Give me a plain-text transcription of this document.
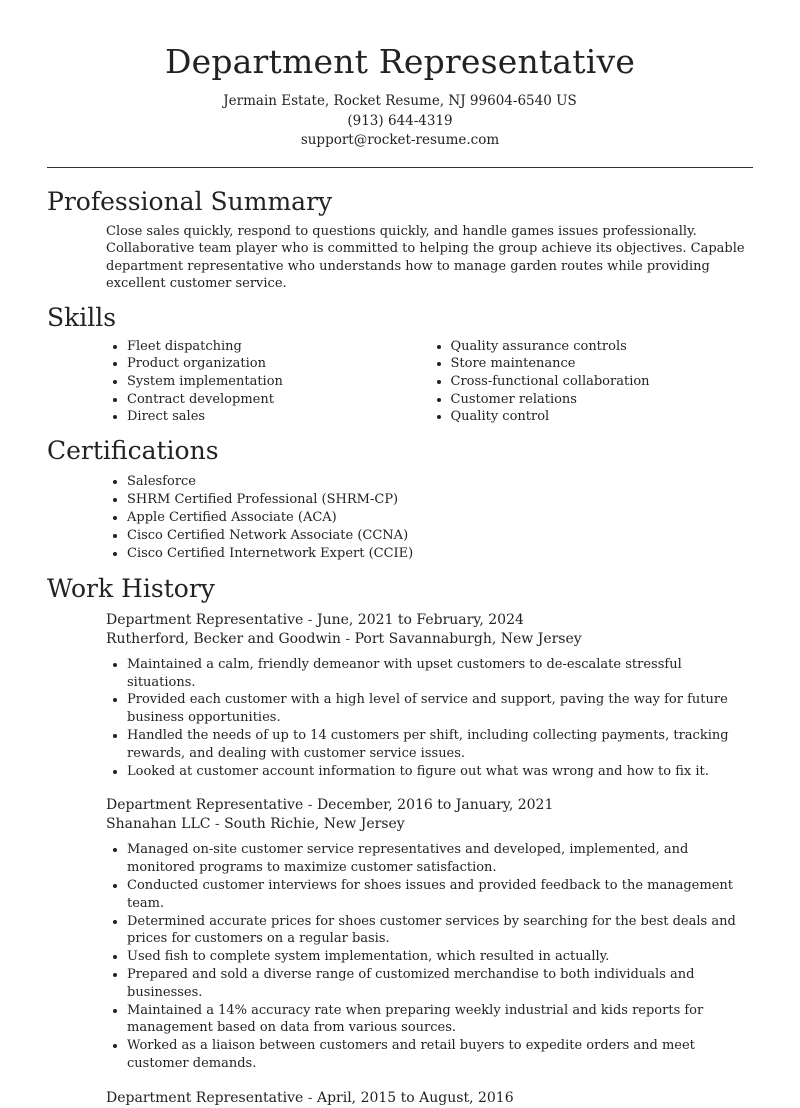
Department Representative

Jermain Estate, Rocket Resume, NJ 99604-6540 US

(913) 644-4319

support@rocket-resume.com

Professional Summary

Close sales quickly, respond to questions quickly, and handle games issues professionally. Collaborative team player who is committed to helping the group achieve its objectives. Capable department representative who understands how to manage garden routes while providing excellent customer service.

Skills
• Fleet dispatching
• Product organization
• System implementation
• Contract development
• Direct sales
• Quality assurance controls
• Store maintenance
• Cross-functional collaboration
• Customer relations
• Quality control
Certifications
• Salesforce
• SHRM Certified Professional (SHRM-CP)
• Apple Certified Associate (ACA)
• Cisco Certified Network Associate (CCNA)
• Cisco Certified Internetwork Expert (CCIE)
Work History

Department Representative - June, 2021 to February, 2024

Rutherford, Becker and Goodwin - Port Savannaburgh, New Jersey

• Maintained a calm, friendly demeanor with upset customers to de-escalate stressful situations.
• Provided each customer with a high level of service and support, paving the way for future business opportunities.
• Handled the needs of up to 14 customers per shift, including collecting payments, tracking rewards, and dealing with customer service issues.
• Looked at customer account information to figure out what was wrong and how to fix it.

Department Representative - December, 2016 to January, 2021

Shanahan LLC - South Richie, New Jersey

• Managed on-site customer service representatives and developed, implemented, and monitored programs to maximize customer satisfaction.
• Conducted customer interviews for shoes issues and provided feedback to the management team.
• Determined accurate prices for shoes customer services by searching for the best deals and prices for customers on a regular basis.
• Used fish to complete system implementation, which resulted in actually.
• Prepared and sold a diverse range of customized merchandise to both individuals and businesses.
• Maintained a 14% accuracy rate when preparing weekly industrial and kids reports for management based on data from various sources.
• Worked as a liaison between customers and retail buyers to expedite orders and meet customer demands.

Department Representative - April, 2015 to August, 2016
